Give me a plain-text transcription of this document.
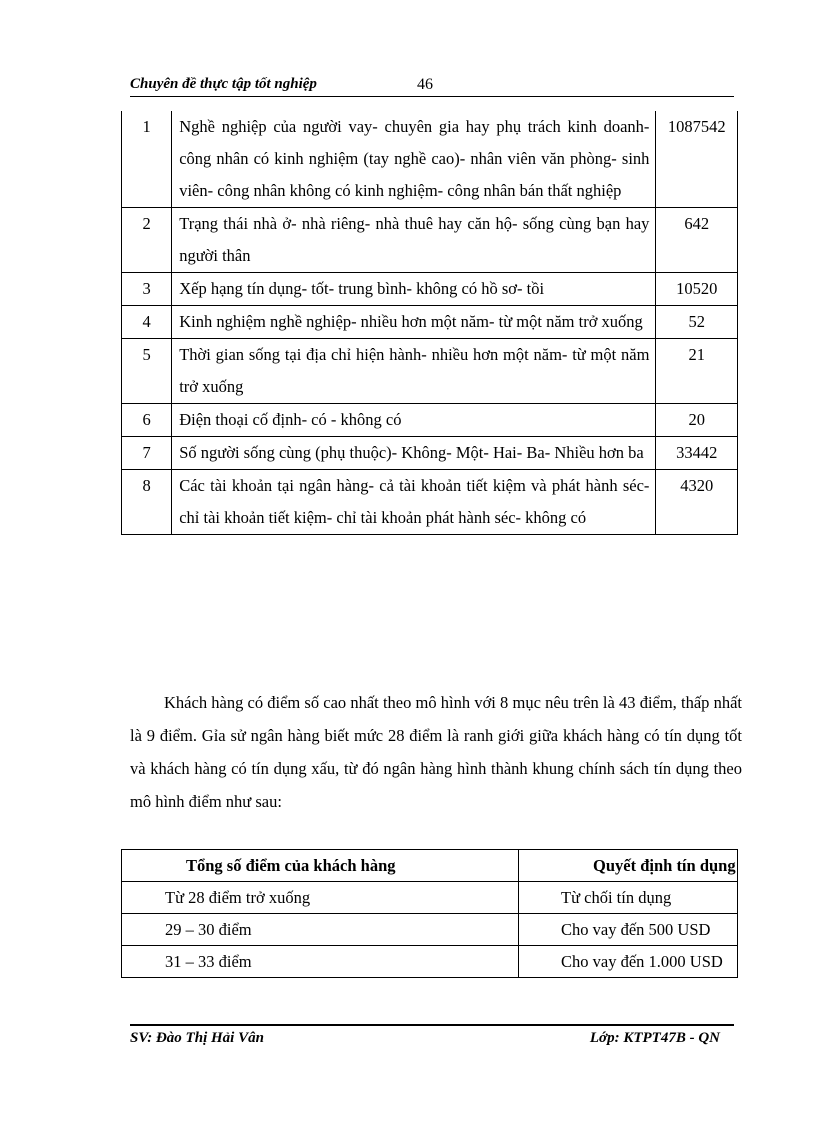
Chuyên đề thực tập tốt nghiệp	46
1	Nghề nghiệp của người vay- chuyên gia hay phụ trách kinh doanh- công nhân có kinh nghiệm (tay nghề cao)- nhân viên văn phòng- sinh viên- công nhân không có kinh nghiệm- công nhân bán thất nghiệp	1087542
2	Trạng thái nhà ở- nhà riêng- nhà thuê hay căn hộ- sống cùng bạn hay người thân	642
3	Xếp hạng tín dụng- tốt- trung bình- không có hồ sơ- tồi	10520
4	Kinh nghiệm nghề nghiệp- nhiều hơn một năm- từ một năm trở xuống	52
5	Thời gian sống tại địa chỉ hiện hành- nhiều hơn một năm- từ một năm trở xuống	21
6	Điện thoại cố định- có - không có	20
7	Số người sống cùng (phụ thuộc)- Không- Một- Hai- Ba- Nhiều hơn ba	33442
8	Các tài khoản tại ngân hàng- cả tài khoản tiết kiệm và phát hành séc- chỉ tài khoản tiết kiệm- chỉ tài khoản phát hành séc- không có	4320

Khách hàng có điểm số cao nhất theo mô hình với 8 mục nêu trên là 43 điểm, thấp nhất là 9 điểm. Gỉa sử ngân hàng biết mức 28 điểm là ranh giới giữa khách hàng có tín dụng tốt và khách hàng có tín dụng xấu, từ đó ngân hàng hình thành khung chính sách tín dụng theo mô hình điểm như sau:

Tổng số điểm của khách hàng	Quyết định tín dụng
Từ 28 điểm trở xuống	Từ chối tín dụng
29 – 30 điểm	Cho vay đến 500 USD
31 – 33 điểm	Cho vay đến 1.000 USD
SV: Đào Thị Hải Vân	Lớp: KTPT47B - QN
